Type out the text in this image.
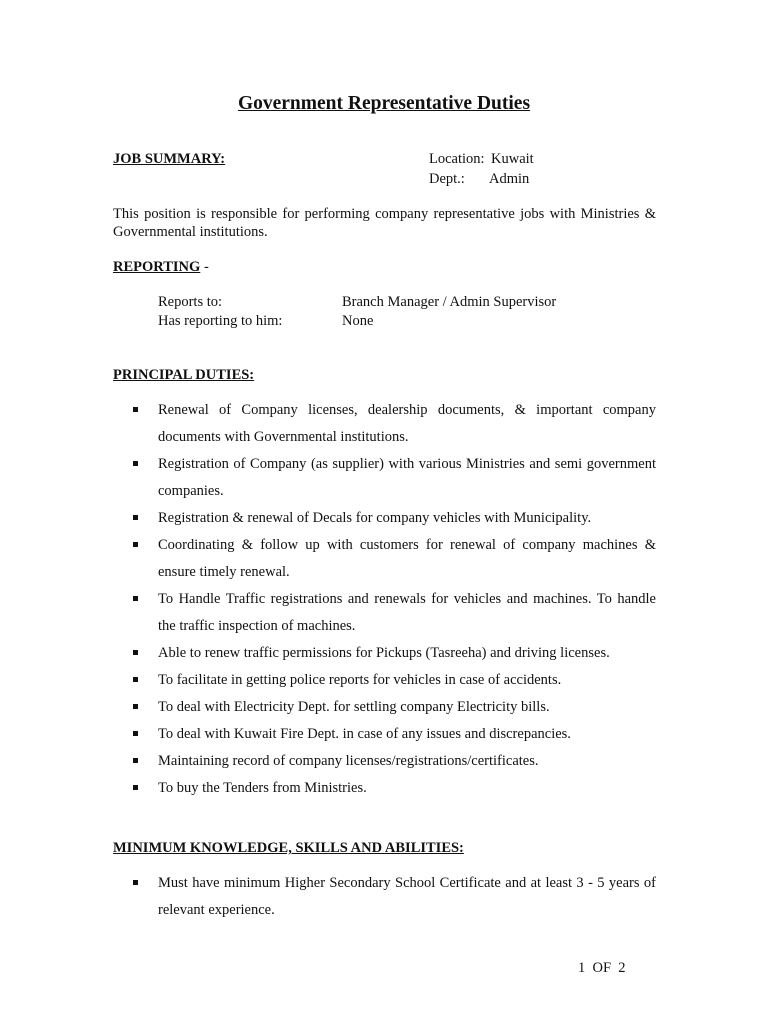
Government Representative Duties
JOB SUMMARY:	Location: Kuwait
Dept.: Admin
This position is responsible for performing company representative jobs with Ministries & Governmental institutions.
REPORTING -
Reports to:	Branch Manager / Admin Supervisor
Has reporting to him:	None
PRINCIPAL DUTIES:
Renewal of Company licenses, dealership documents, & important company documents with Governmental institutions.
Registration of Company (as supplier) with various Ministries and semi government companies.
Registration & renewal of Decals for company vehicles with Municipality.
Coordinating & follow up with customers for renewal of company machines & ensure timely renewal.
To Handle Traffic registrations and renewals for vehicles and machines. To handle the traffic inspection of machines.
Able to renew traffic permissions for Pickups (Tasreeha) and driving licenses.
To facilitate in getting police reports for vehicles in case of accidents.
To deal with Electricity Dept. for settling company Electricity bills.
To deal with Kuwait Fire Dept. in case of any issues and discrepancies.
Maintaining record of company licenses/registrations/certificates.
To buy the Tenders from Ministries.
MINIMUM KNOWLEDGE, SKILLS AND ABILITIES:
Must have minimum Higher Secondary School Certificate and at least 3 - 5 years of relevant experience.
1  OF  2
